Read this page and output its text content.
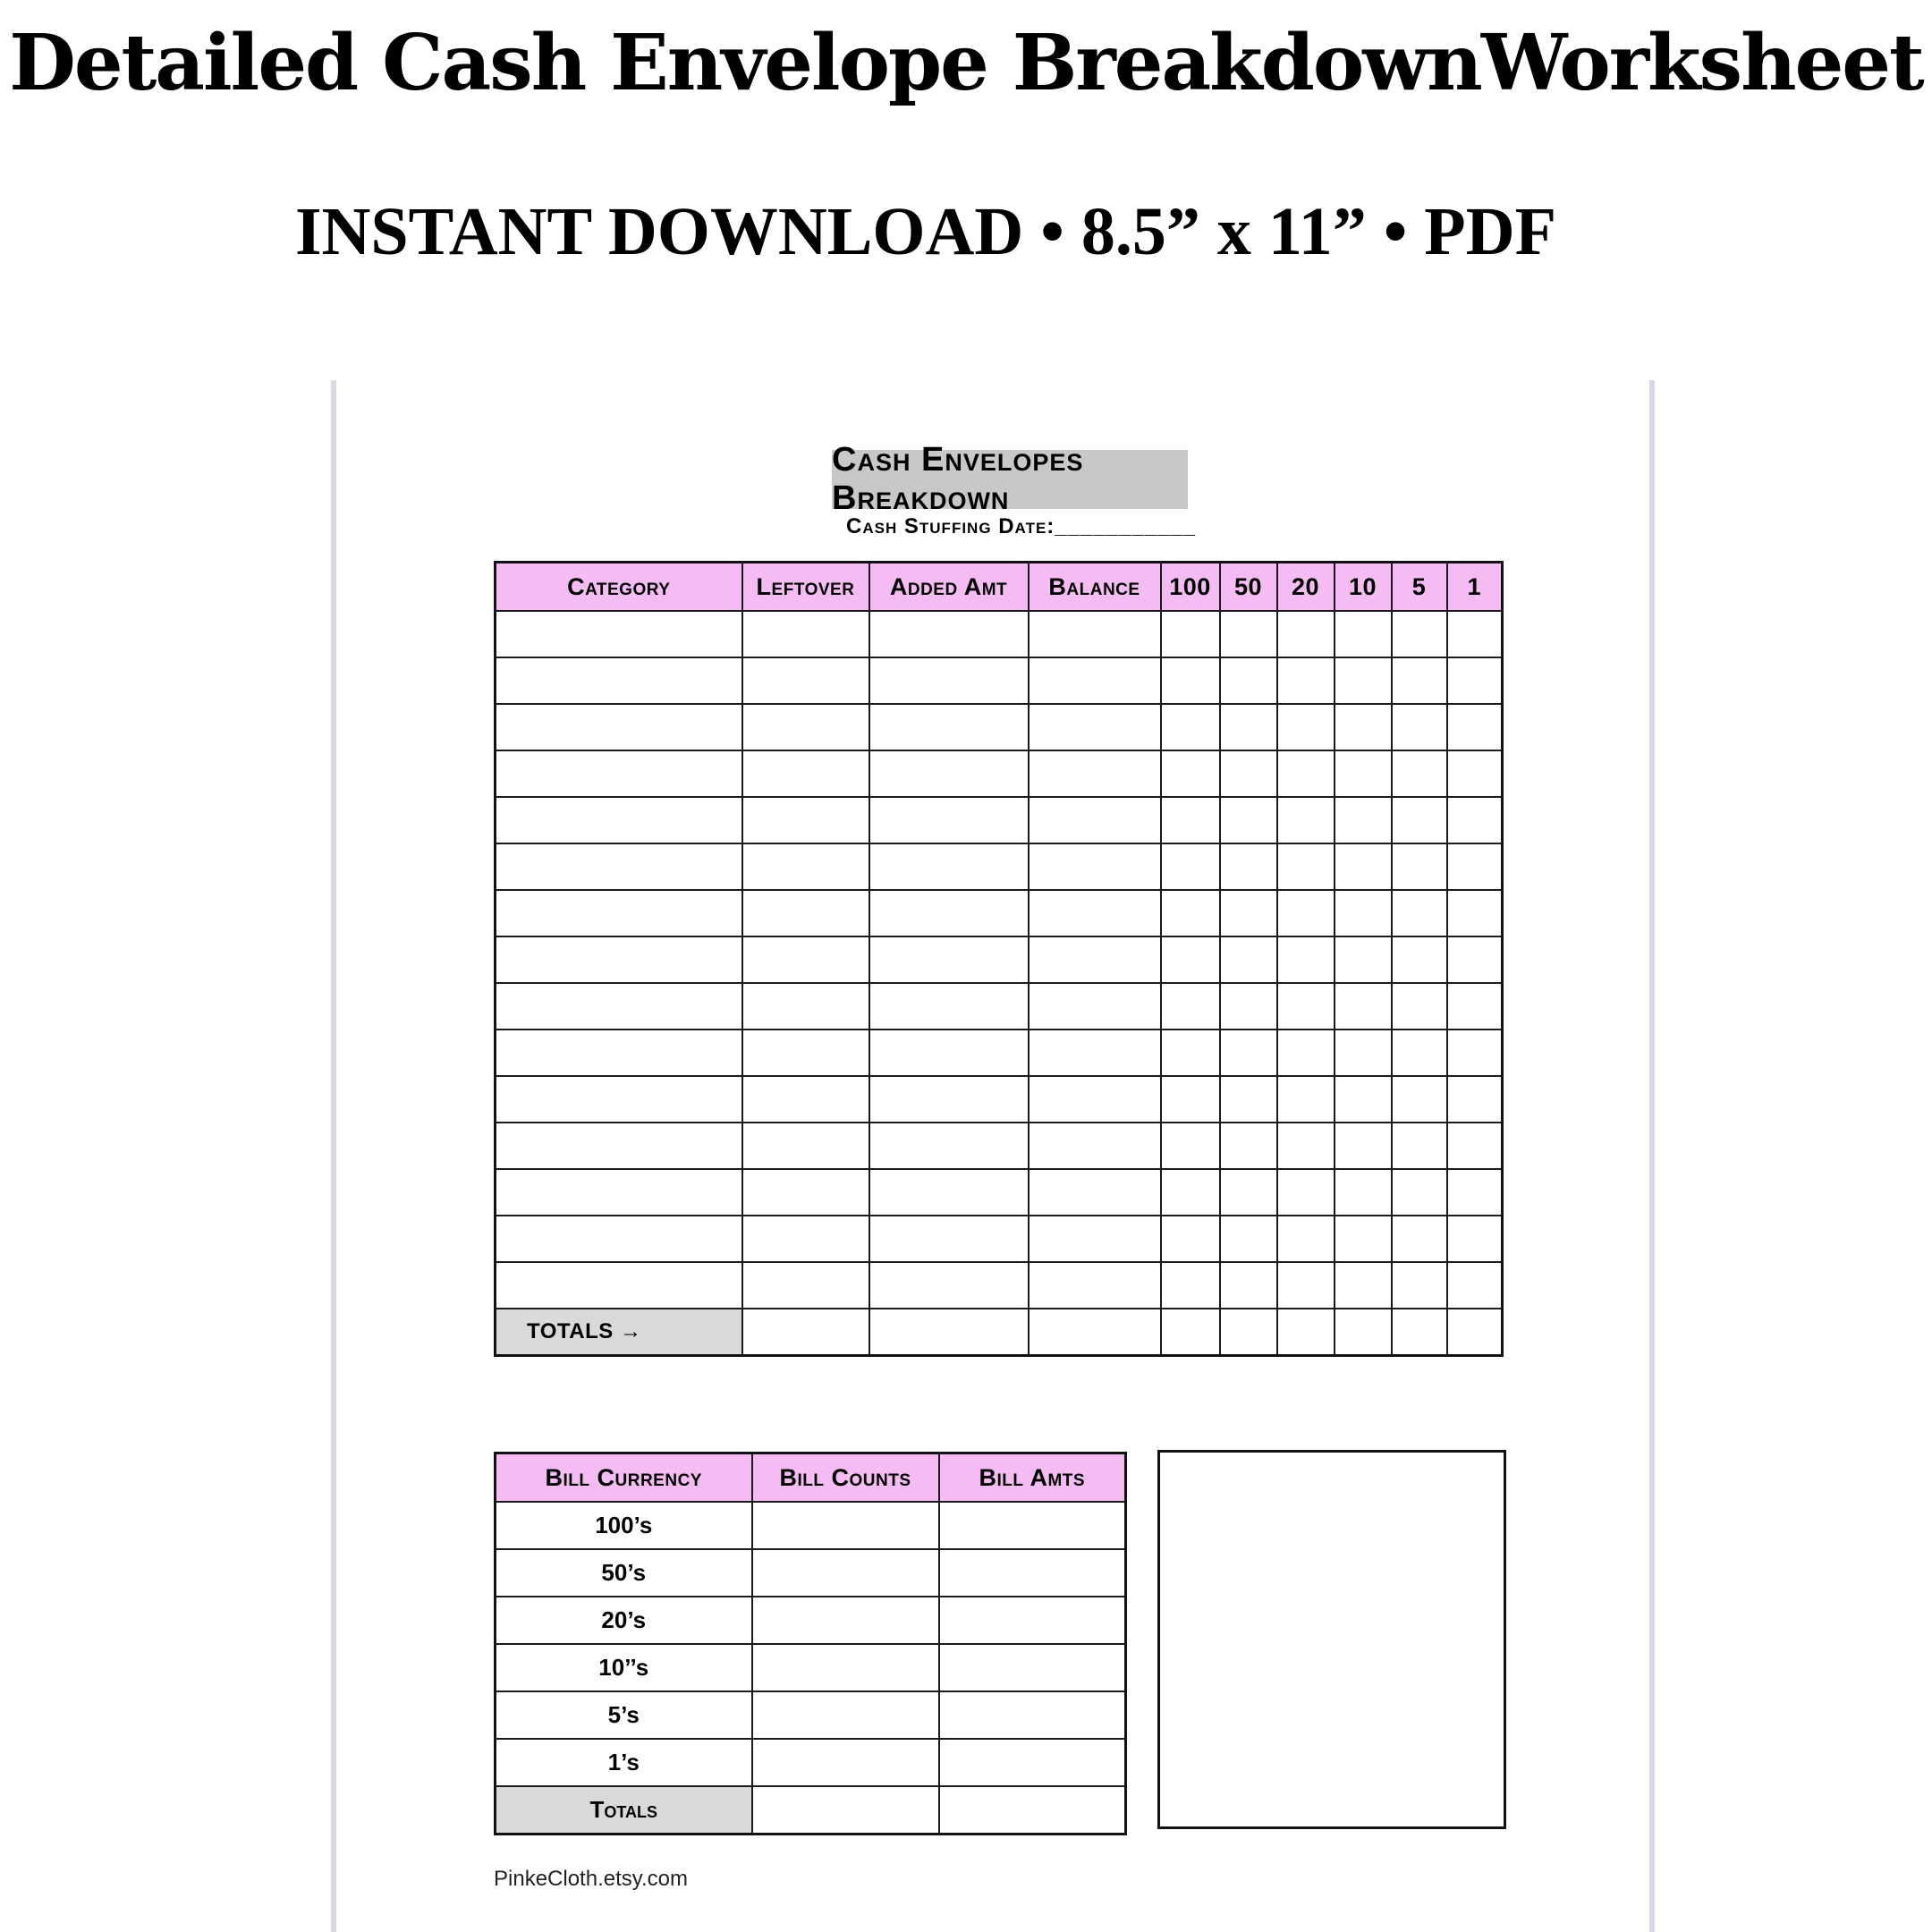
Detailed Cash Envelope BreakdownWorksheet
INSTANT DOWNLOAD • 8.5” x 11” • PDF
Cash Envelopes Breakdown
Cash Stuffing Date:___________
Category	Leftover	Added Amt	Balance	100	50	20	10	5	1

TOTALS →									
Bill Currency	Bill Counts	Bill Amts
100’s		
50’s		
20’s		
10’’s		
5’s		
1’s		
Totals		
PinkeCloth.etsy.com
